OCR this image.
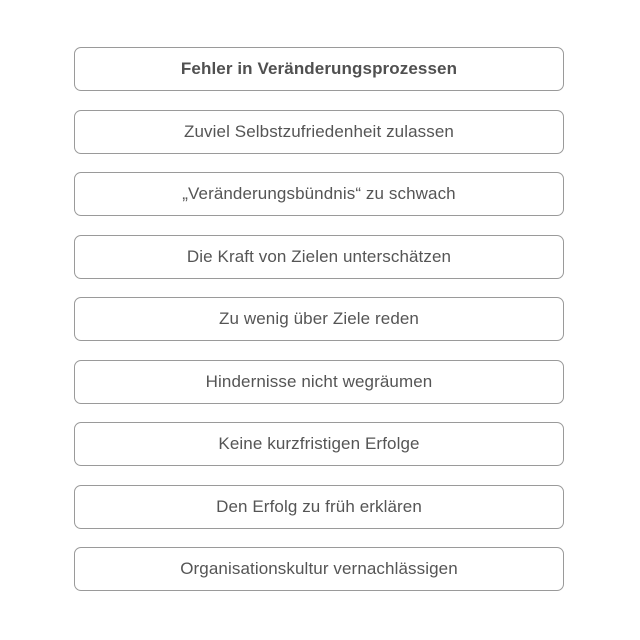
Fehler in Veränderungsprozessen
Zuviel Selbstzufriedenheit zulassen
„Veränderungsbündnis“ zu schwach
Die Kraft von Zielen unterschätzen
Zu wenig über Ziele reden
Hindernisse nicht wegräumen
Keine kurzfristigen Erfolge
Den Erfolg zu früh erklären
Organisationskultur vernachlässigen
